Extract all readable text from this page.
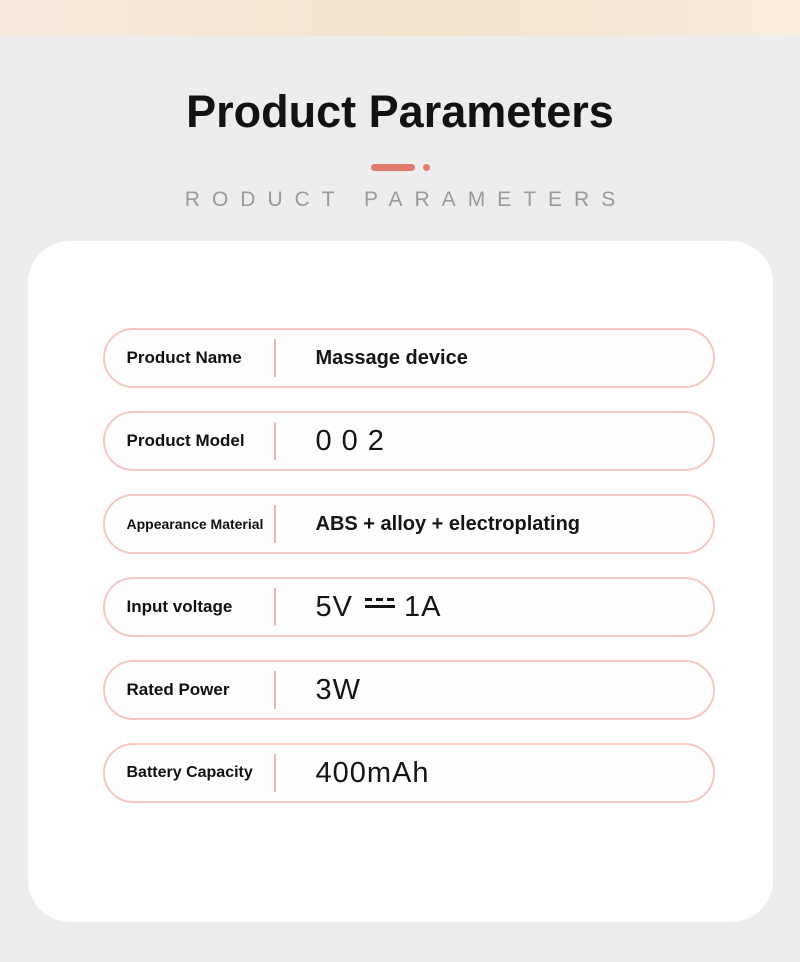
Product Parameters
RODUCT PARAMETERS
Product Name	Massage device
Product Model	002
Appearance Material	ABS + alloy + electroplating
Input voltage	5V 1A
Rated Power	3W
Battery Capacity	400mAh
